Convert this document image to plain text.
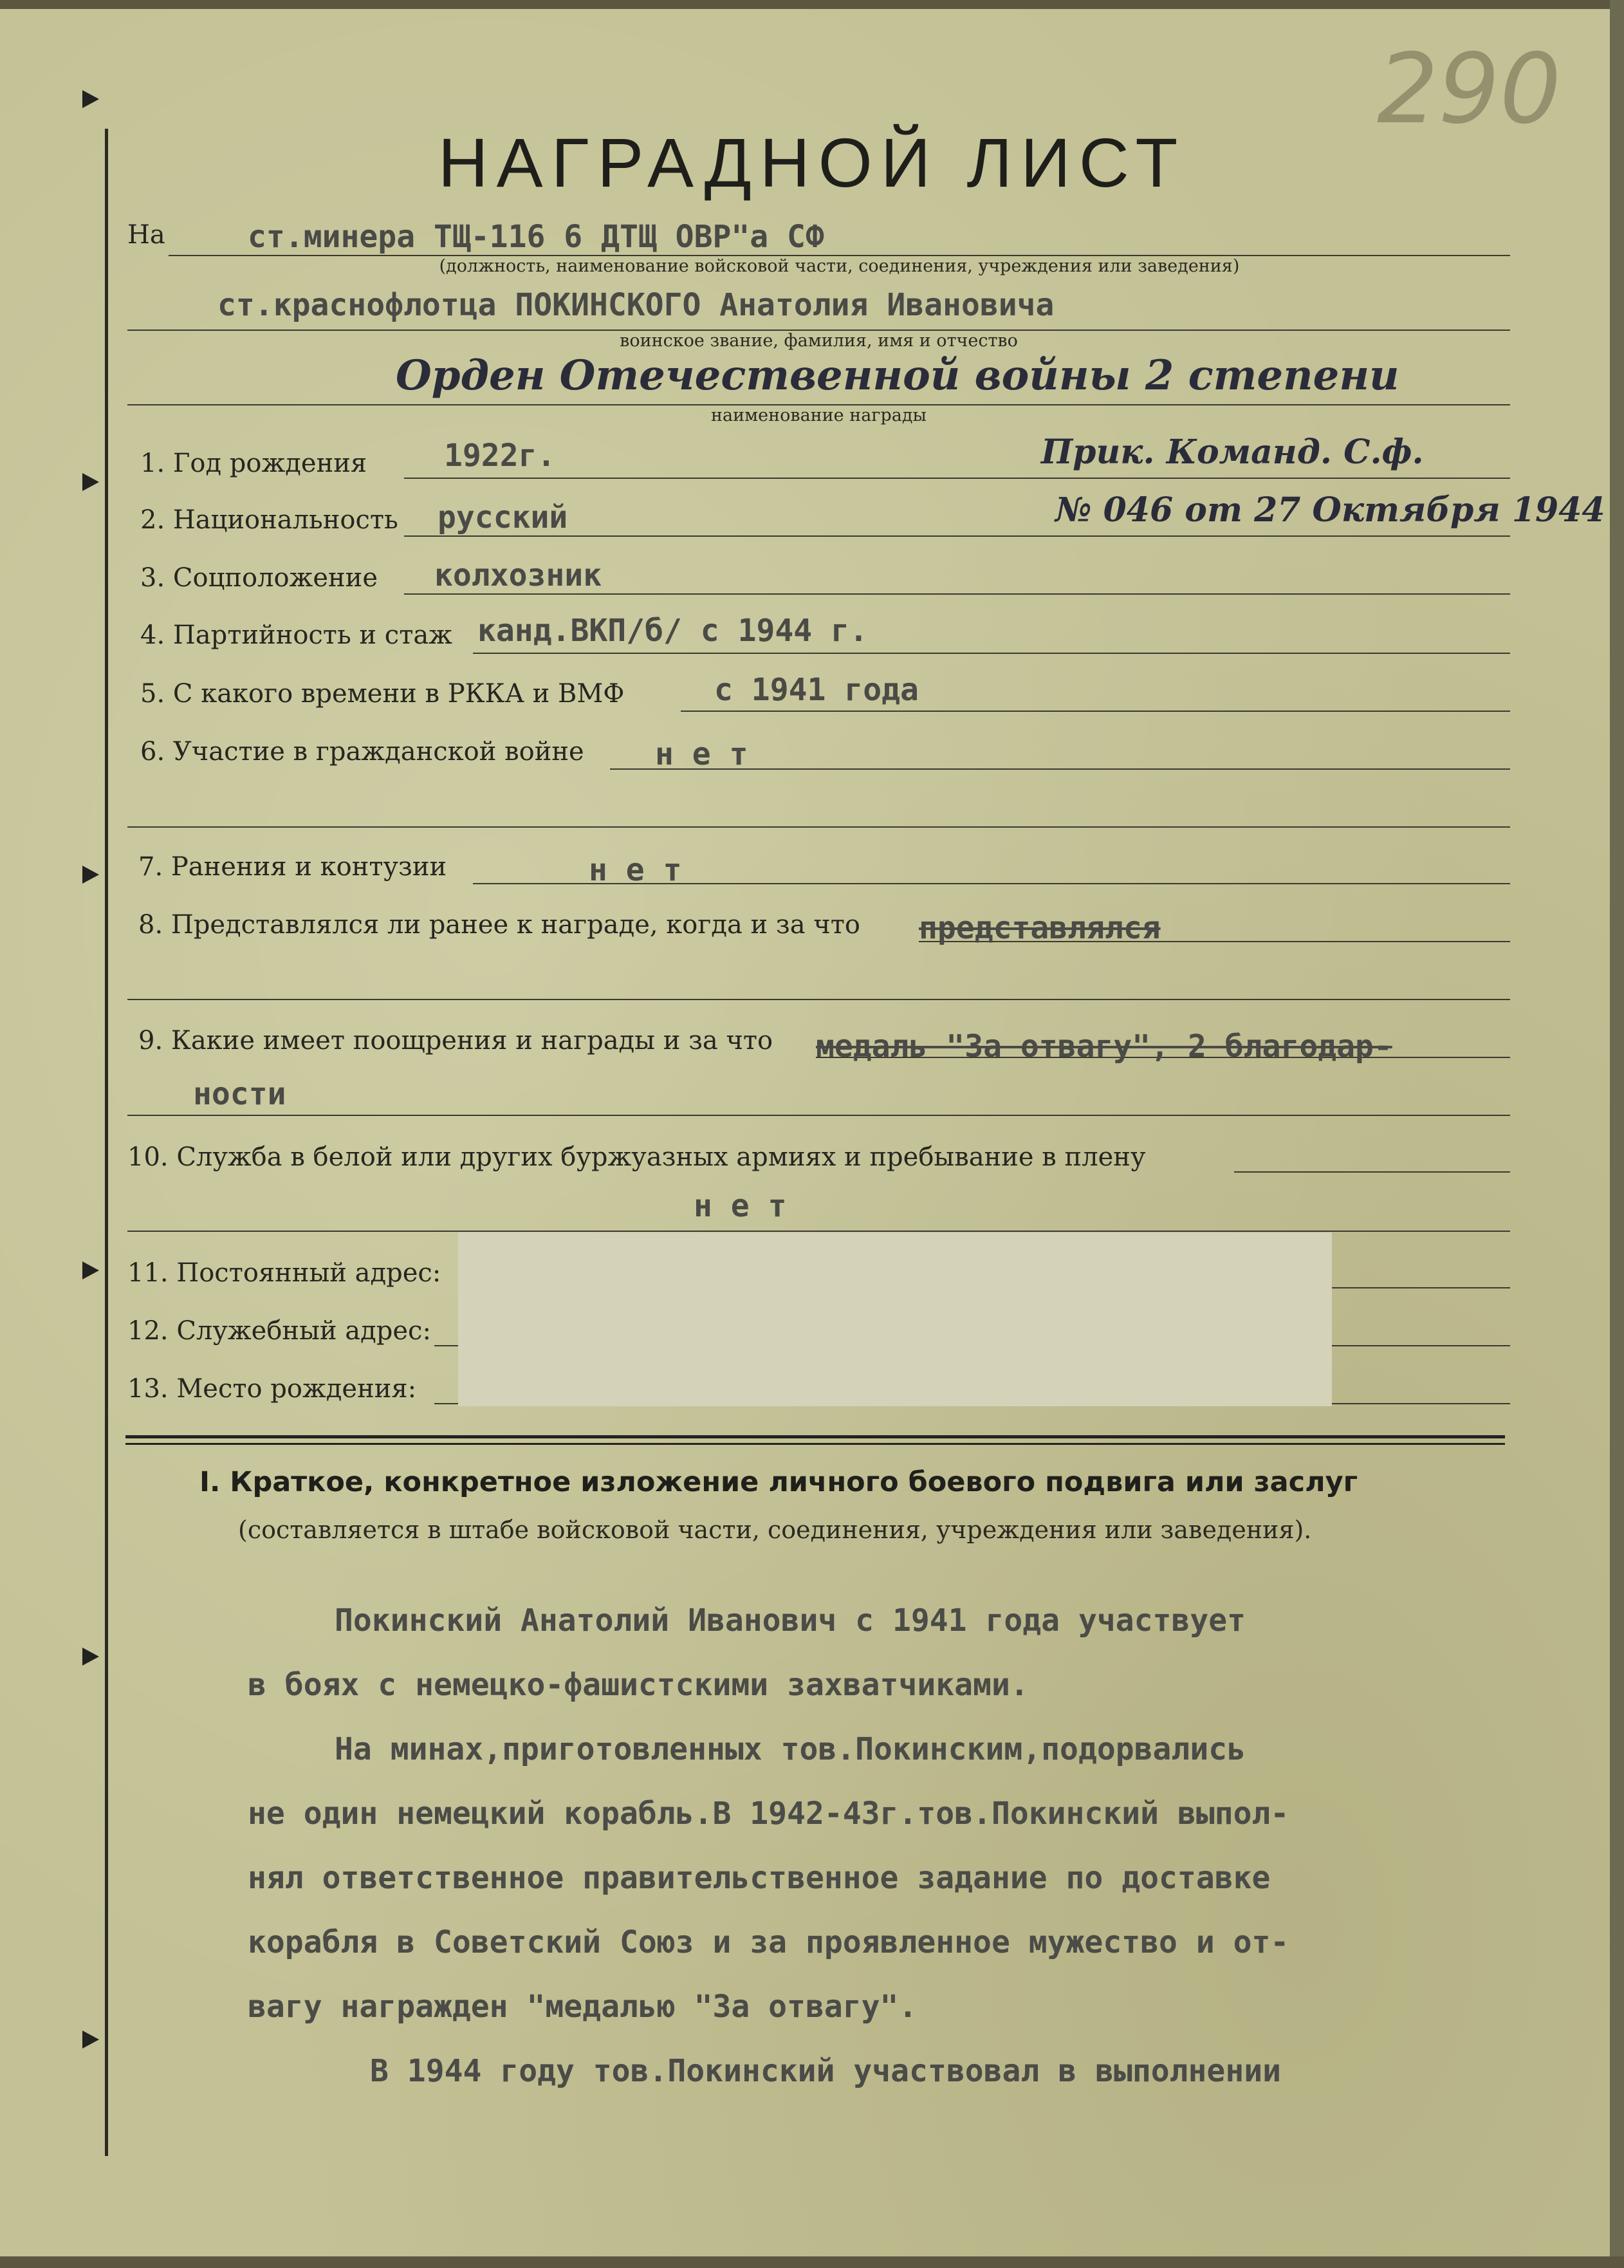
290
НАГРАДНОЙ ЛИСТ
На	ст.минера ТЩ-116 6 ДТЩ ОВР"а СФ
(должность, наименование войсковой части, соединения, учреждения или заведения)
ст.краснофлотца ПОКИНСКОГО Анатолия Ивановича
воинское звание, фамилия, имя и отчество
Орден Отечественной войны 2 степени
наименование награды
Прик. Команд. С.ф.
№ 046 от 27 Октября 1944
1. Год рождения 1922г.
2. Национальность русский
3. Соцположение колхозник
4. Партийность и стаж канд.ВКП/б/ с 1944 г.
5. С какого времени в РККА и ВМФ	с 1941 года
6. Участие в гражданской войне н е т
7. Ранения и контузии	н е т
8. Представлялся ли ранее к награде, когда и за что представлялся
9. Какие имеет поощрения и награды и за что медаль "За отвагу", 2 благодар-
ности
10. Служба в белой или других буржуазных армиях и пребывание в плену
н е т
11. Постоянный адрес:
12. Служебный адрес:
13. Место рождения:
I. Краткое, конкретное изложение личного боевого подвига или заслуг
(составляется в штабе войсковой части, соединения, учреждения или заведения).
Покинский Анатолий Иванович с 1941 года участвует
в боях с немецко-фашистскими захватчиками.
На минах,приготовленных тов.Покинским,подорвались
не один немецкий корабль.В 1942-43г.тов.Покинский выпол-
нял ответственное правительственное задание по доставке
корабля в Советский Союз и за проявленное мужество и от-
вагу награжден "медалью "За отвагу".
В 1944 году тов.Покинский участвовал в выполнении
